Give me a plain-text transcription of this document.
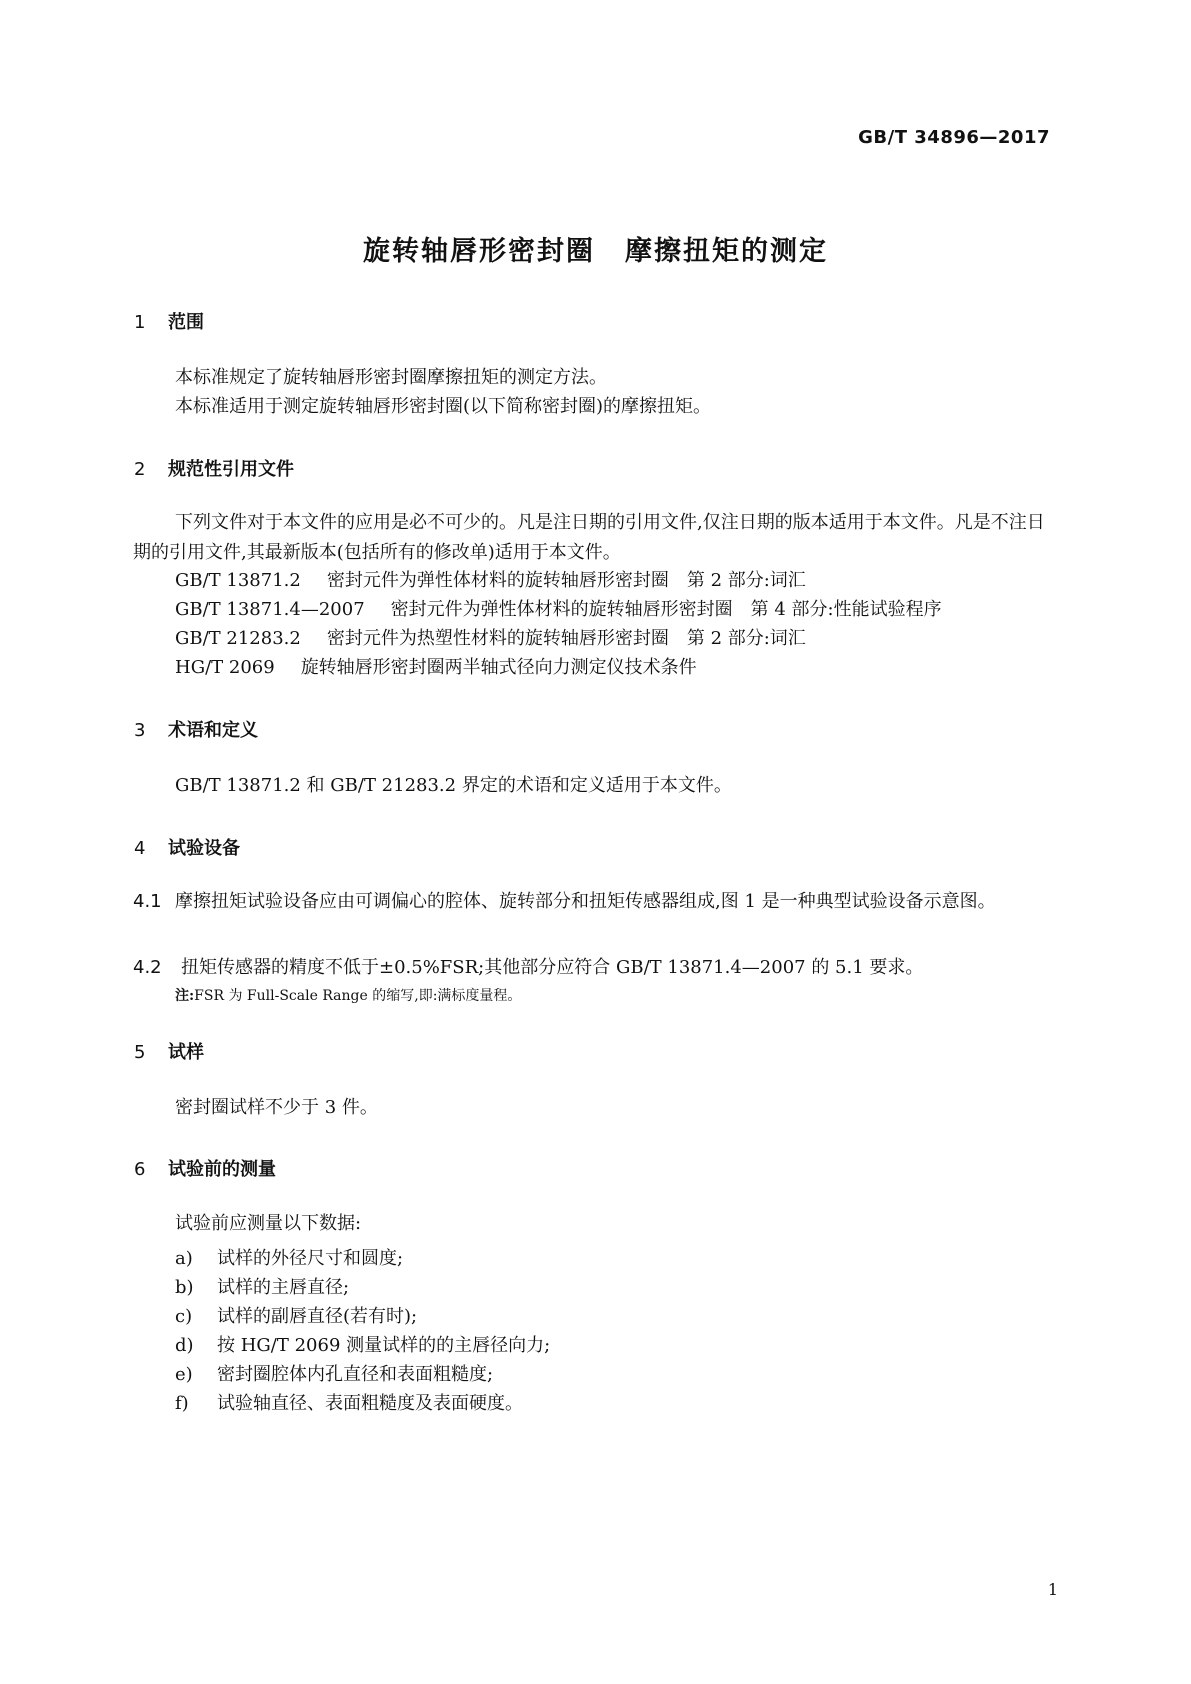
GB/T 34896—2017
旋转轴唇形密封圈 摩擦扭矩的测定
1 范围
本标准规定了旋转轴唇形密封圈摩擦扭矩的测定方法。
本标准适用于测定旋转轴唇形密封圈(以下简称密封圈)的摩擦扭矩。
2 规范性引用文件
下列文件对于本文件的应用是必不可少的。凡是注日期的引用文件,仅注日期的版本适用于本文件。凡是不注日期的引用文件,其最新版本(包括所有的修改单)适用于本文件。
GB/T 13871.2 密封元件为弹性体材料的旋转轴唇形密封圈　第 2 部分:词汇
GB/T 13871.4—2007 密封元件为弹性体材料的旋转轴唇形密封圈　第 4 部分:性能试验程序
GB/T 21283.2 密封元件为热塑性材料的旋转轴唇形密封圈　第 2 部分:词汇
HG/T 2069 旋转轴唇形密封圈两半轴式径向力测定仪技术条件
3 术语和定义
GB/T 13871.2 和 GB/T 21283.2 界定的术语和定义适用于本文件。
4 试验设备
4.1 摩擦扭矩试验设备应由可调偏心的腔体、旋转部分和扭矩传感器组成,图 1 是一种典型试验设备示意图。
4.2 扭矩传感器的精度不低于±0.5%FSR;其他部分应符合 GB/T 13871.4—2007 的 5.1 要求。
注:FSR 为 Full-Scale Range 的缩写,即:满标度量程。
5 试样
密封圈试样不少于 3 件。
6 试验前的测量
试验前应测量以下数据:
a) 试样的外径尺寸和圆度;
b) 试样的主唇直径;
c) 试样的副唇直径(若有时);
d) 按 HG/T 2069 测量试样的的主唇径向力;
e) 密封圈腔体内孔直径和表面粗糙度;
f) 试验轴直径、表面粗糙度及表面硬度。
1
